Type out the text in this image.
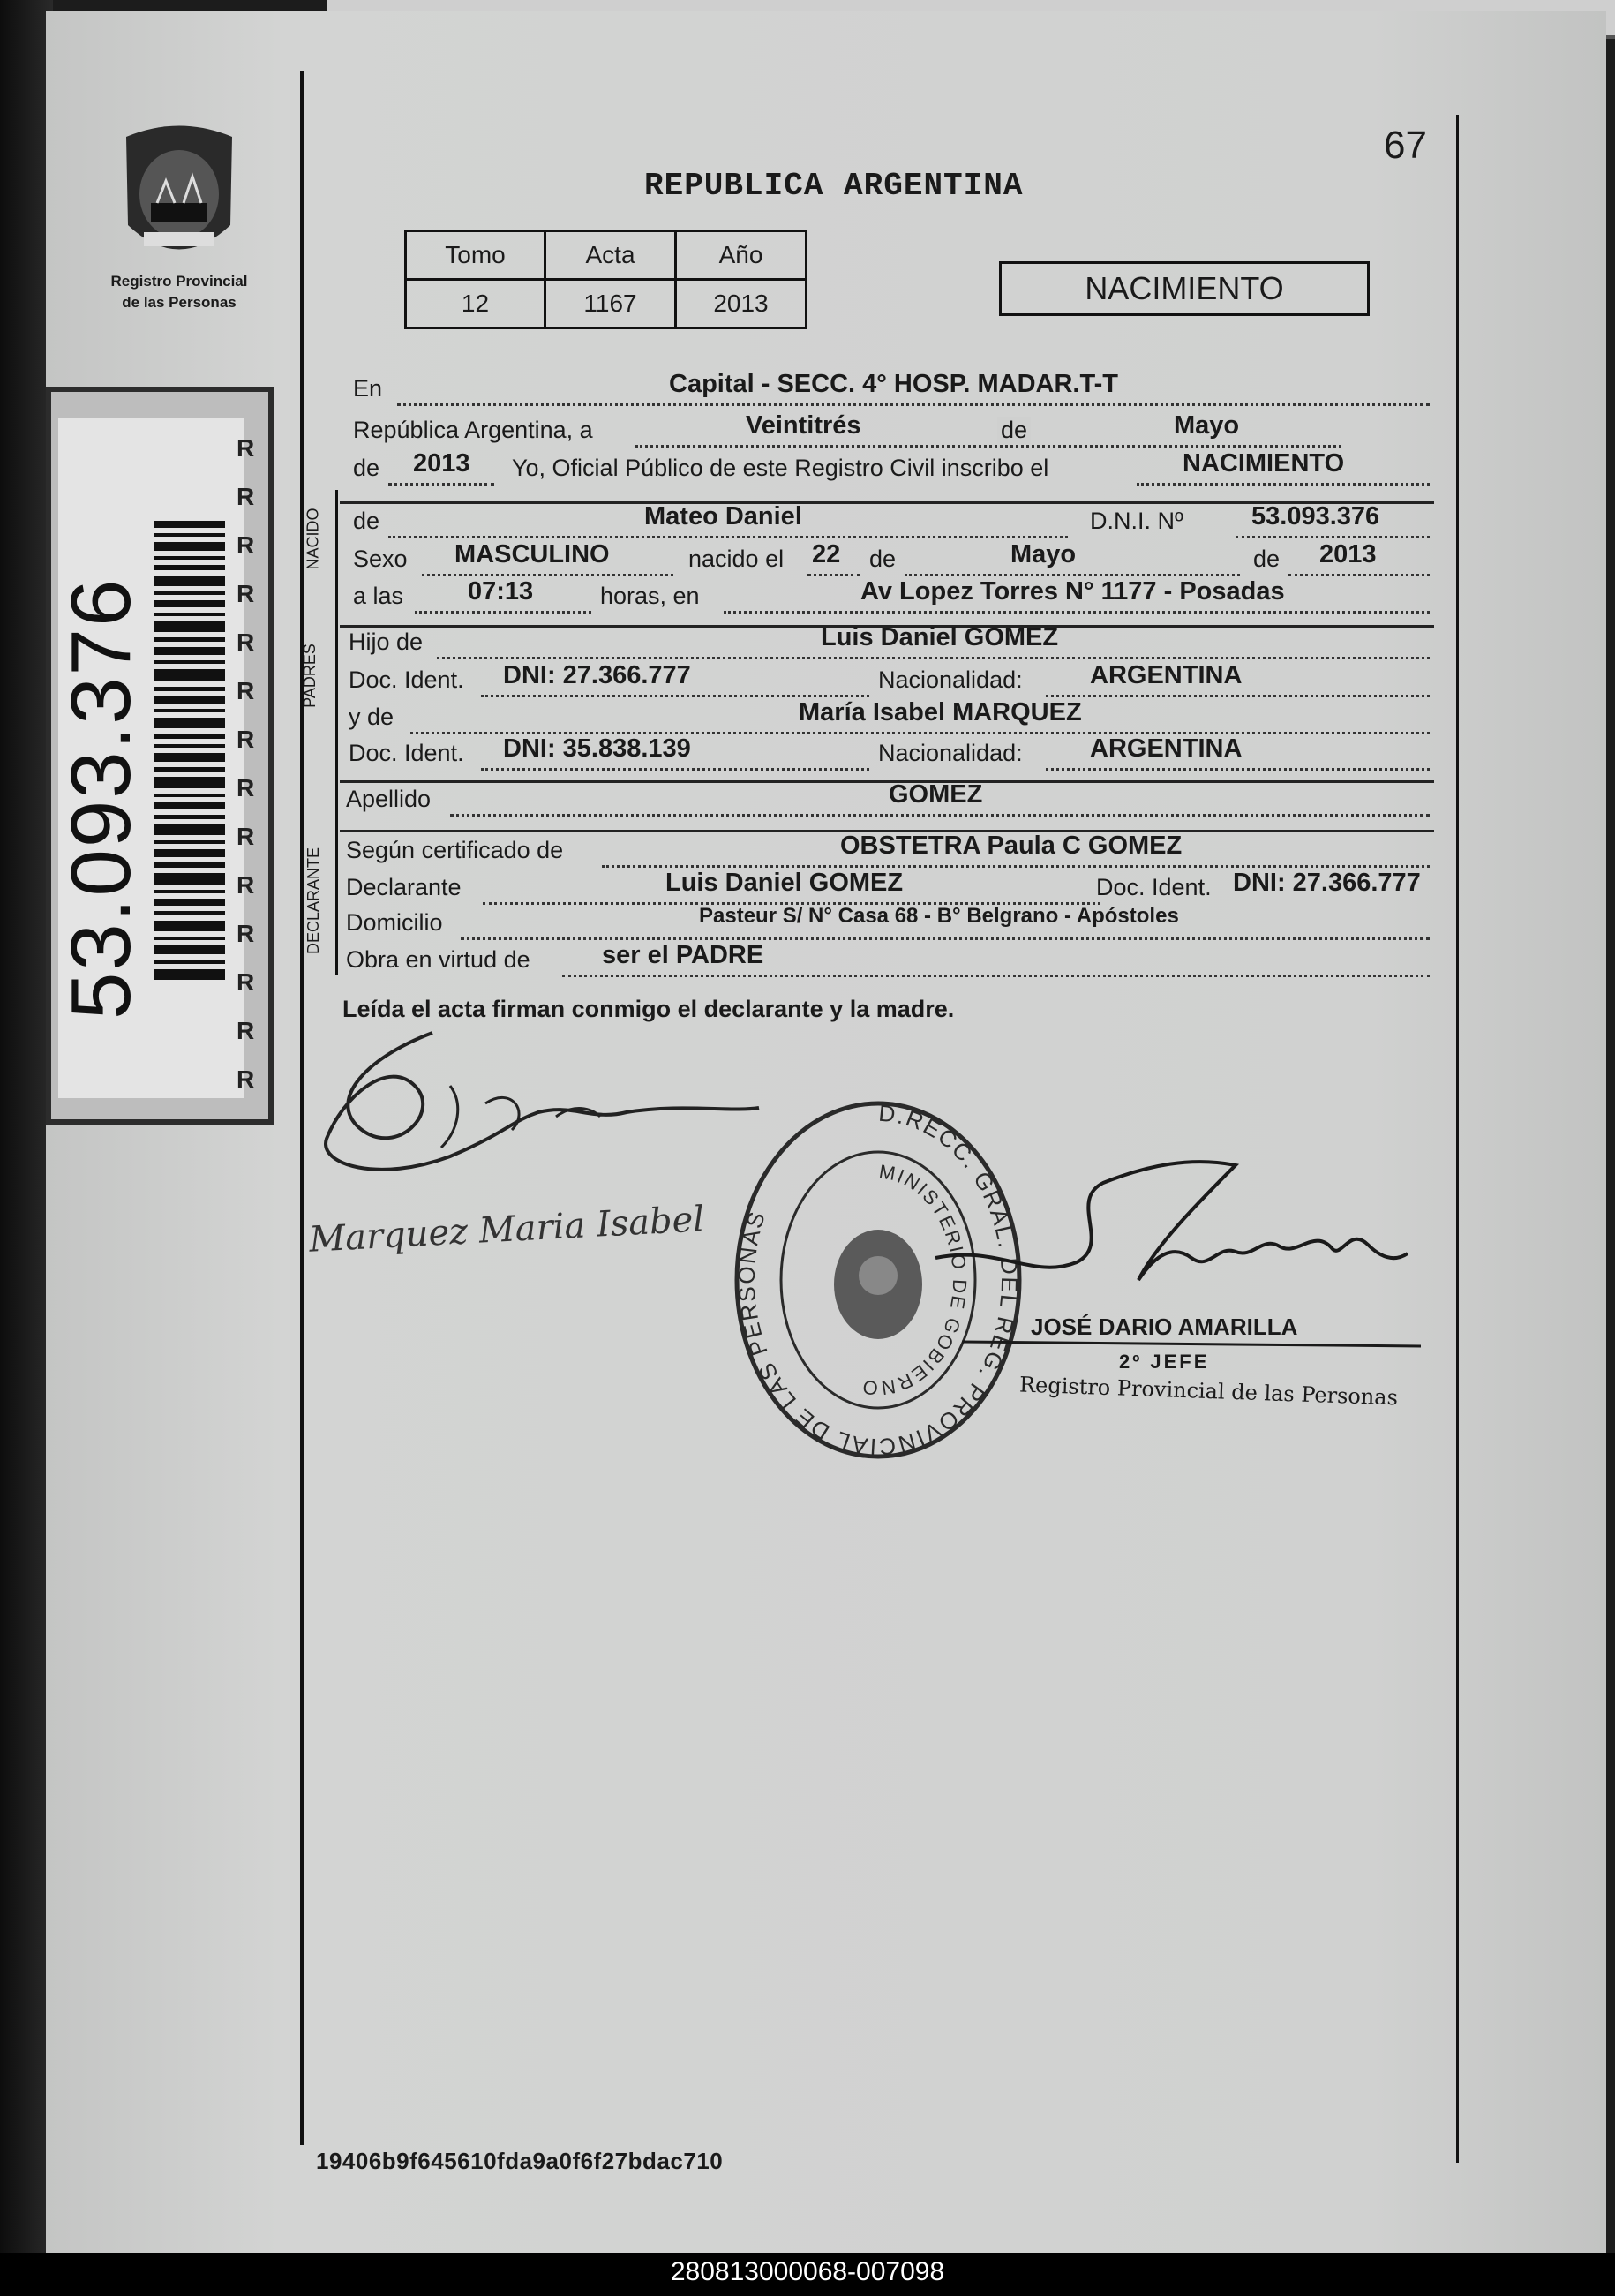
Registro Provincial
de las Personas
53.093.376
R
R
R
R
R
R
R
R
R
R
R
R
R
R
67
REPUBLICA ARGENTINA
Tomo	Acta	Año
12	1167	2013	NACIMIENTO
NACIDO
PADRES
DECLARANTE
En	Capital - SECC. 4° HOSP. MADAR.T-T
República Argentina, a	Veintitrés	de	Mayo
de 2013 Yo, Oficial Público de este Registro Civil inscribo el	NACIMIENTO
de	Mateo Daniel	D.N.I. Nº	53.093.376
Sexo MASCULINO	nacido el 22 de	Mayo	de 2013
a las	07:13	horas, en	Av Lopez Torres N° 1177 - Posadas
Hijo de	Luis Daniel GOMEZ
Doc. Ident. DNI: 27.366.777	Nacionalidad:	ARGENTINA
y de	María Isabel MARQUEZ
Doc. Ident. DNI: 35.838.139	Nacionalidad:	ARGENTINA
Apellido	GOMEZ
Según certificado de	OBSTETRA Paula C GOMEZ
Declarante	Luis Daniel GOMEZ	Doc. Ident. DNI: 27.366.777
Domicilio	Pasteur S/ N° Casa 68 - B° Belgrano - Apóstoles
Obra en virtud de	ser el PADRE
Leída el acta firman conmigo el declarante y la madre.
Marquez Maria Isabel
D.RECC. GRAL. DEL REG. PROVINCIAL DE LAS PERSONAS
MINISTERIO DE GOBIERNO
JOSÉ DARIO AMARILLA
2º JEFE
Registro Provincial de las Personas
19406b9f645610fda9a0f6f27bdac710
280813000068-007098
